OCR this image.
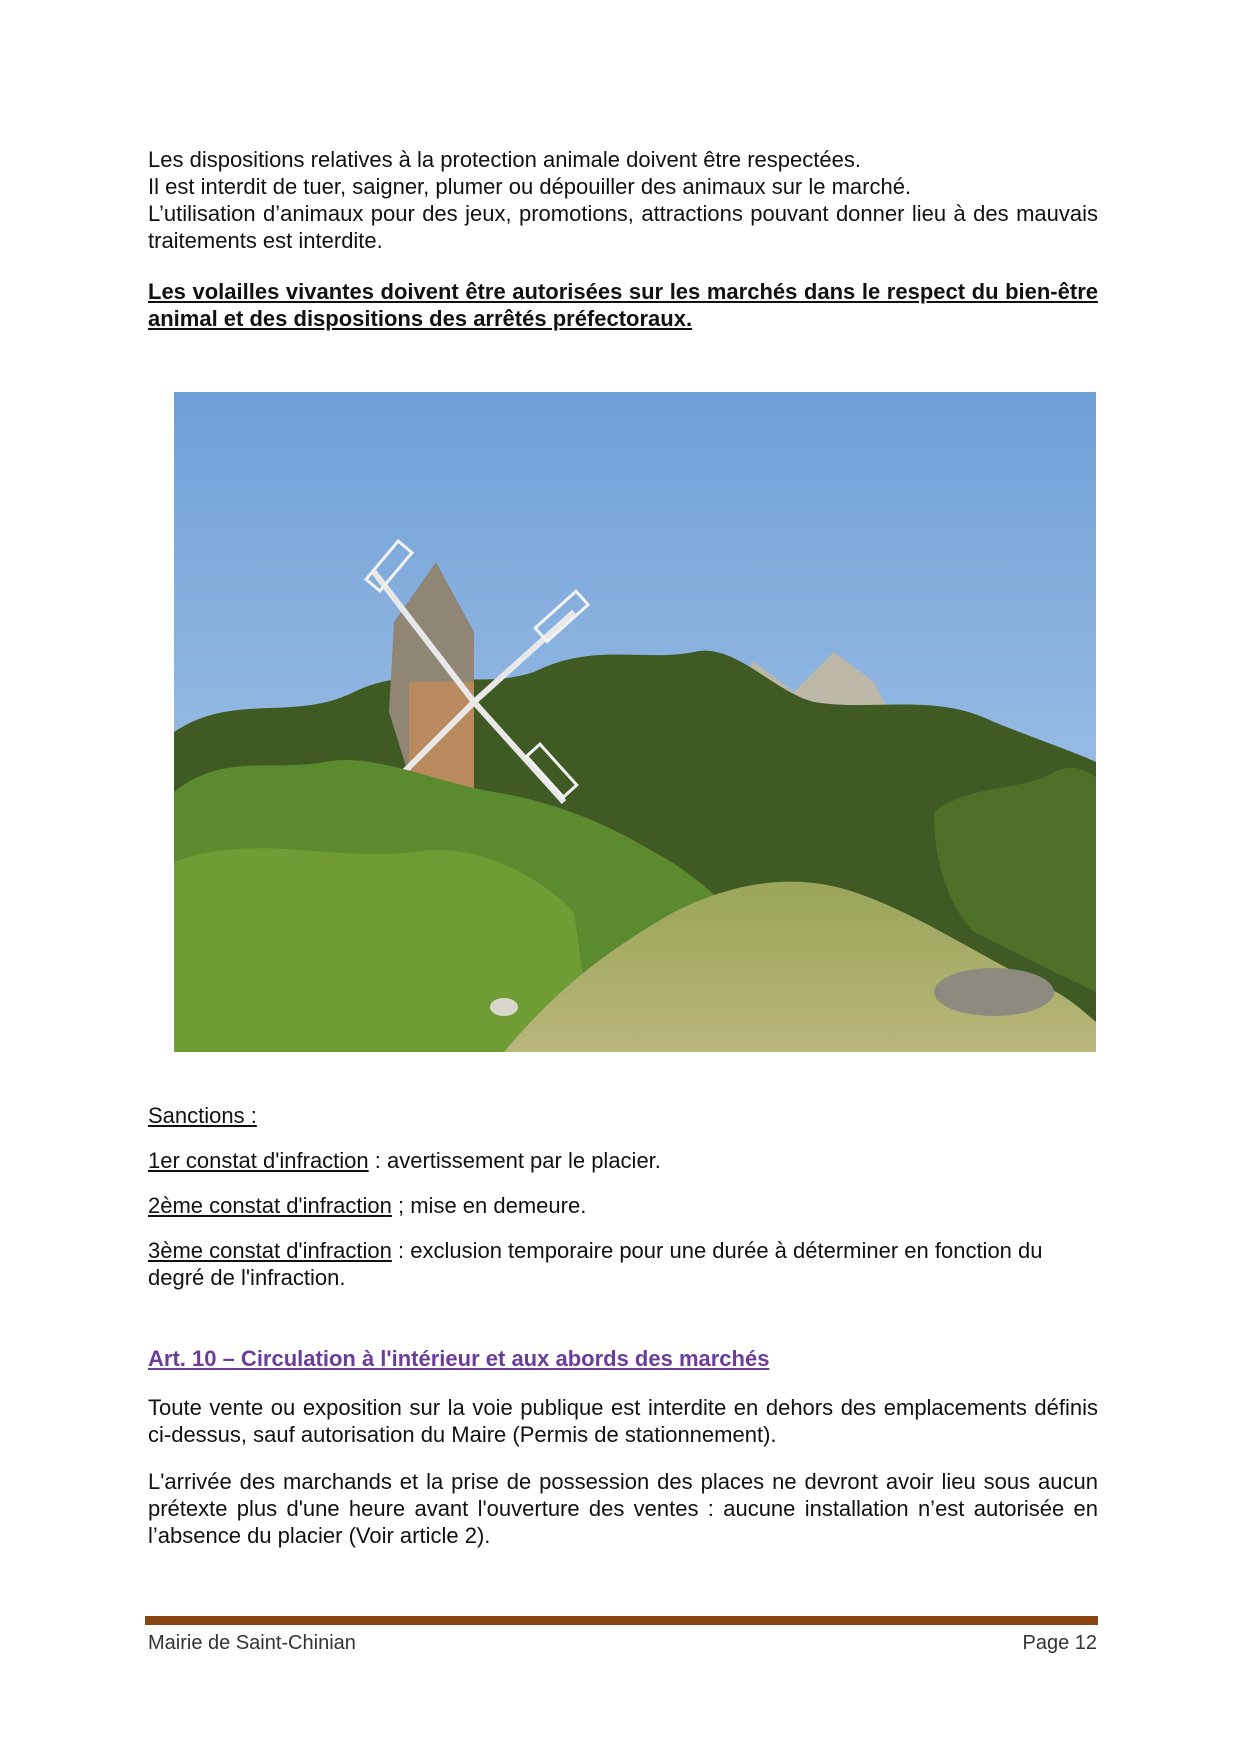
Les dispositions relatives à la protection animale doivent être respectées.
Il est interdit de tuer, saigner, plumer ou dépouiller des animaux sur le marché.
L’utilisation d’animaux pour des jeux, promotions, attractions pouvant donner lieu à des mauvais traitements est interdite.
Les volailles vivantes doivent être autorisées sur les marchés dans le respect du bien-être animal et des dispositions des arrêtés préfectoraux.
Sanctions :
1er constat d'infraction : avertissement par le placier.
2ème constat d'infraction ; mise en demeure.
3ème constat d'infraction : exclusion temporaire pour une durée à déterminer en fonction du degré de l'infraction.
Art. 10 – Circulation à l'intérieur et aux abords des marchés
Toute vente ou exposition sur la voie publique est interdite en dehors des emplacements définis ci-dessus, sauf autorisation du Maire (Permis de stationnement).
L'arrivée des marchands et la prise de possession des places ne devront avoir lieu sous aucun prétexte plus d'une heure avant l'ouverture des ventes : aucune installation n’est autorisée en l’absence du placier (Voir article 2).
Mairie de Saint-Chinian	Page 12
